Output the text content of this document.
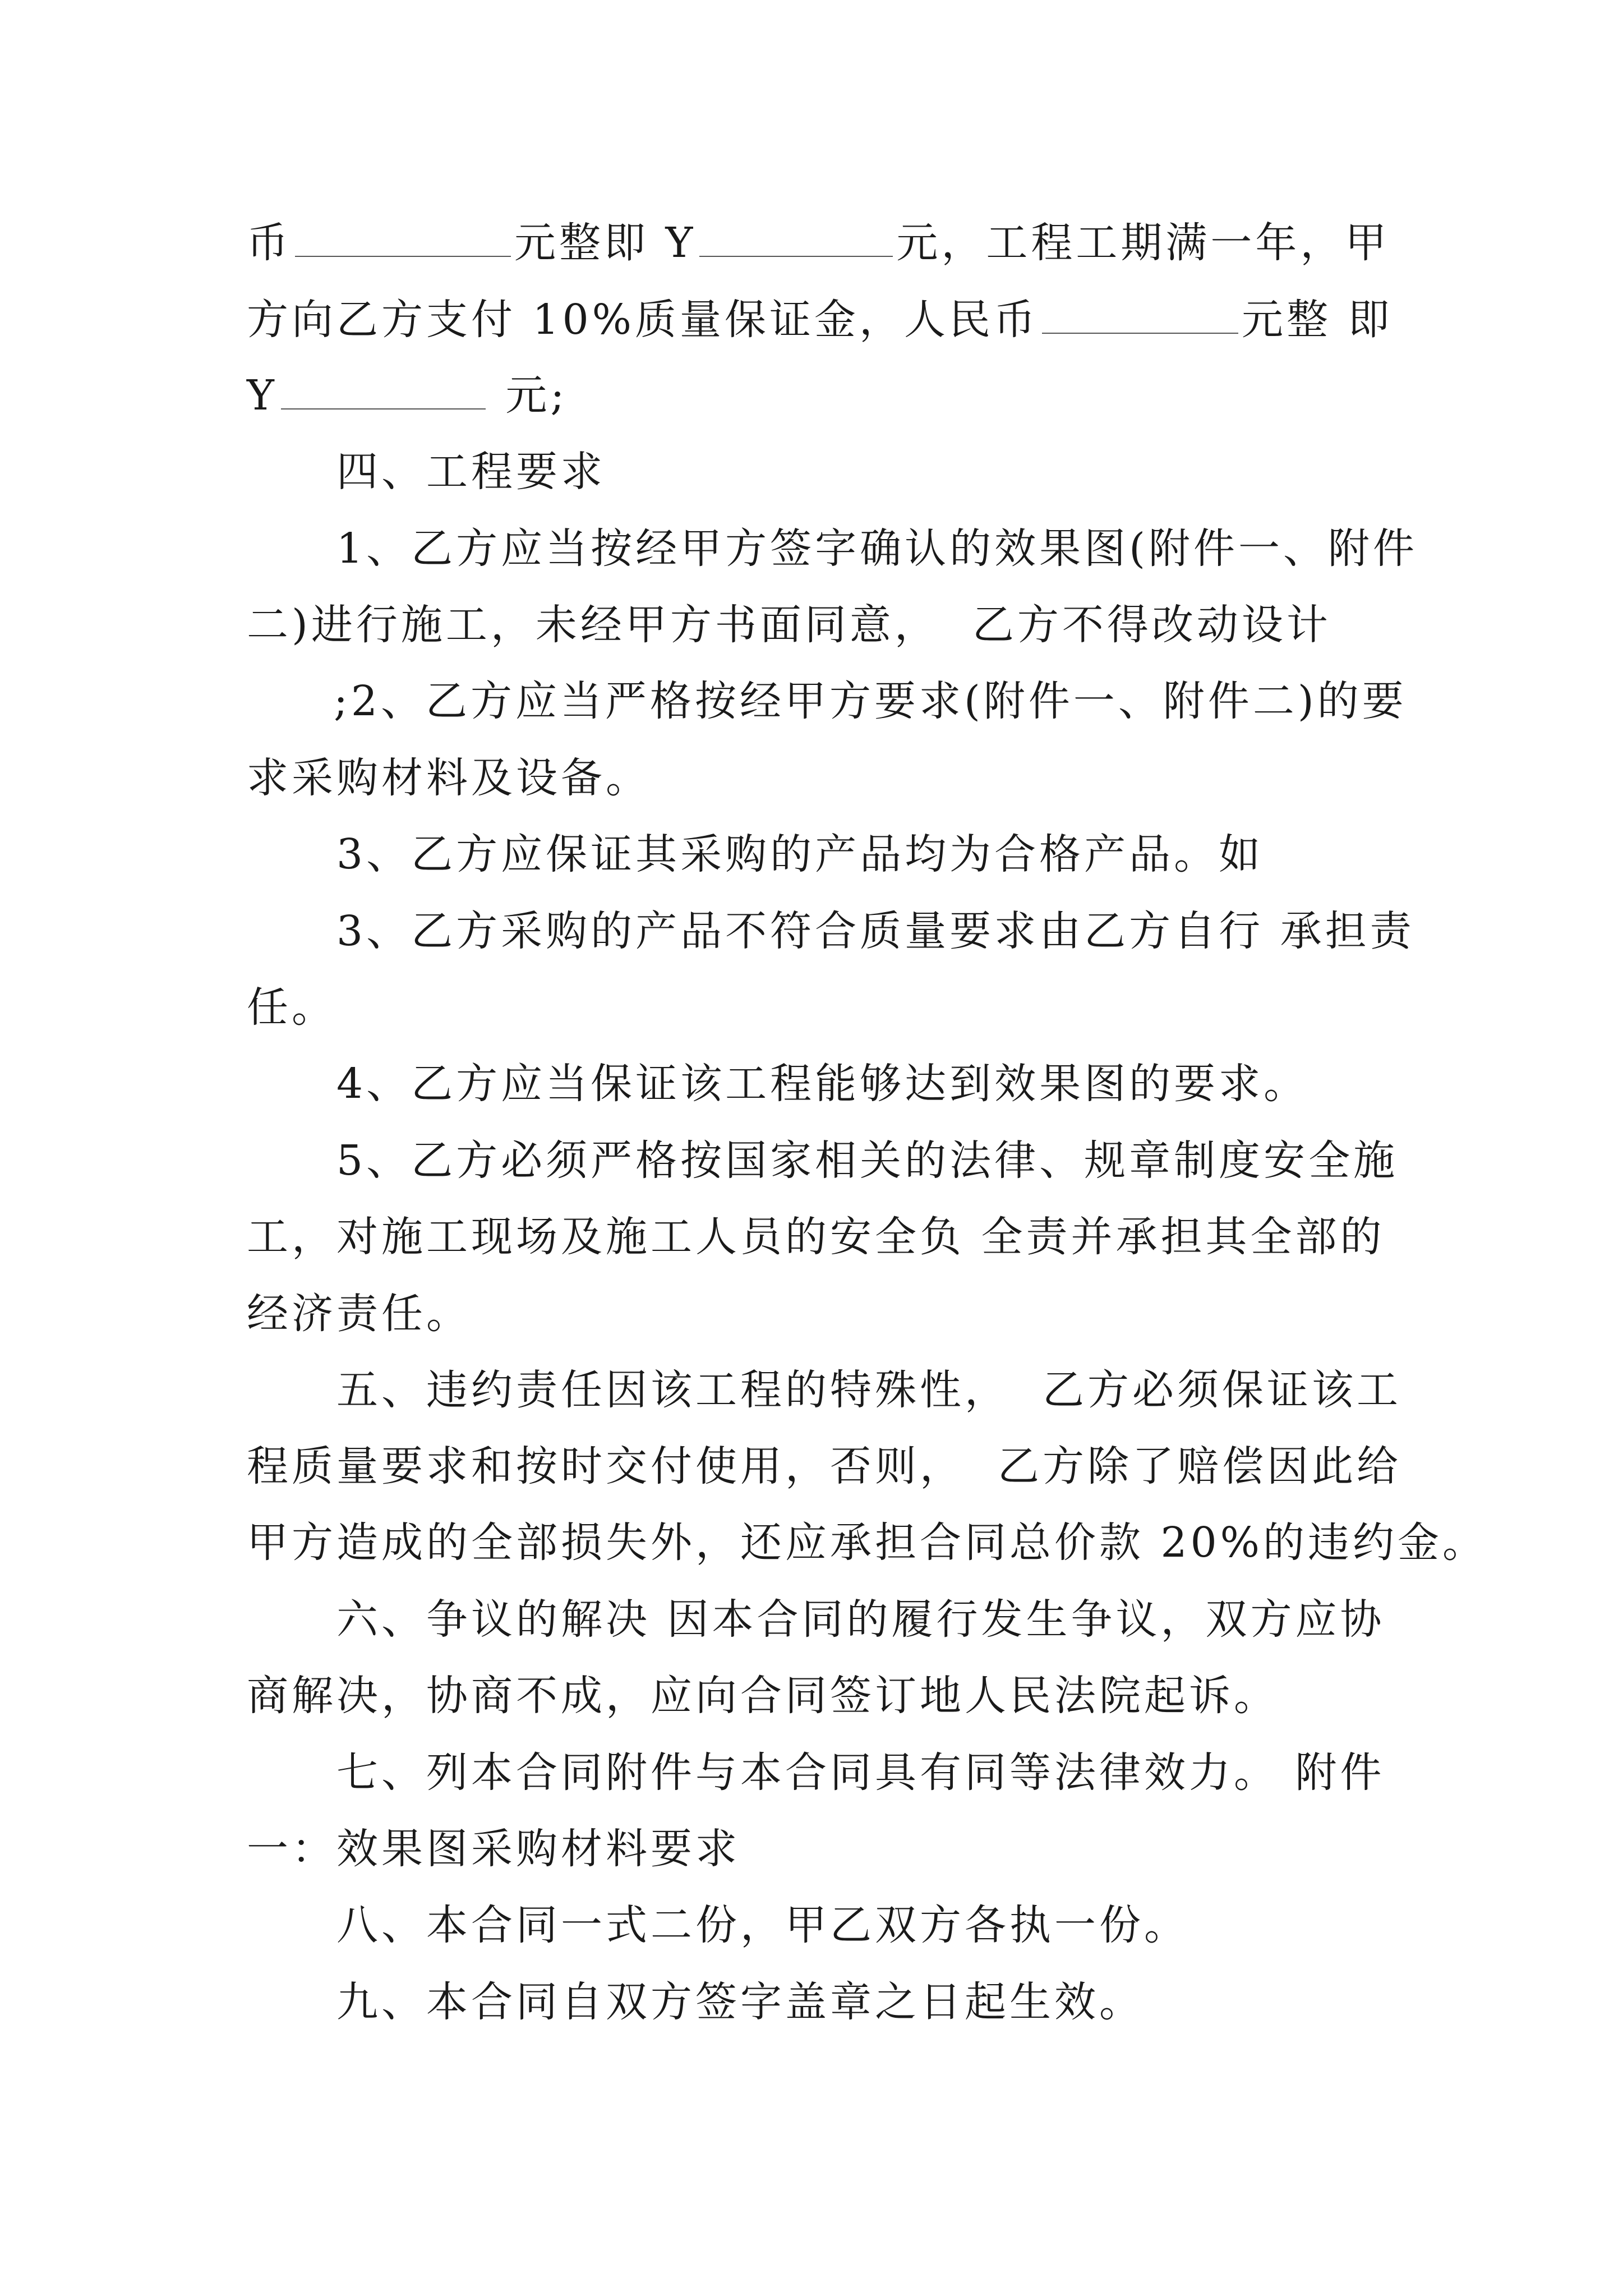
币	元整即 Y	元，工程工期满一年，甲
方向乙方支付 10%质量保证金，人民币	元整 即
Y	元;
四、工程要求
1、乙方应当按经甲方签字确认的效果图(附件一、附件
二)进行施工，未经甲方书面同意，  乙方不得改动设计
;2、乙方应当严格按经甲方要求(附件一、附件二)的要
求采购材料及设备。
3、乙方应保证其采购的产品均为合格产品。如
3、乙方采购的产品不符合质量要求由乙方自行 承担责
任。
4、乙方应当保证该工程能够达到效果图的要求。
5、乙方必须严格按国家相关的法律、规章制度安全施
工，对施工现场及施工人员的安全负 全责并承担其全部的
经济责任。
五、违约责任因该工程的特殊性，  乙方必须保证该工
程质量要求和按时交付使用，否则，  乙方除了赔偿因此给
甲方造成的全部损失外，还应承担合同总价款 20%的违约金。
六、争议的解决 因本合同的履行发生争议，双方应协
商解决，协商不成，应向合同签订地人民法院起诉。
七、列本合同附件与本合同具有同等法律效力。 附件
一：效果图采购材料要求
八、本合同一式二份，甲乙双方各执一份。
九、本合同自双方签字盖章之日起生效。
